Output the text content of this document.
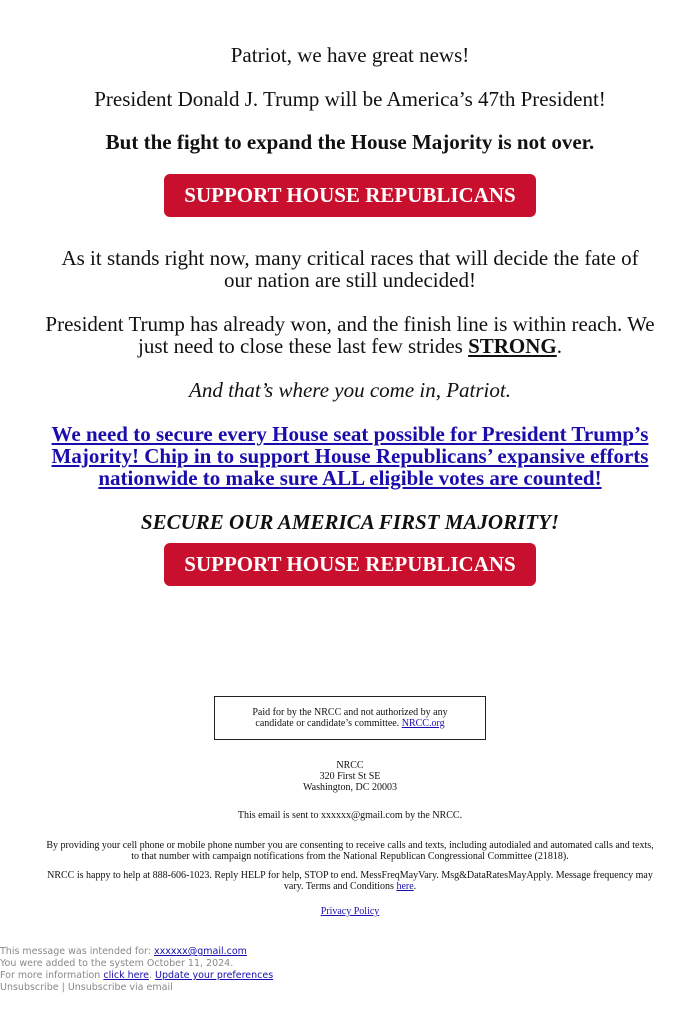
Patriot, we have great news!

President Donald J. Trump will be America’s 47th President!

But the fight to expand the House Majority is not over.

SUPPORT HOUSE REPUBLICANS

As it stands right now, many critical races that will decide the fate of our nation are still undecided!

President Trump has already won, and the finish line is within reach. We just need to close these last few strides STRONG.

And that’s where you come in, Patriot.

We need to secure every House seat possible for President Trump’s Majority! Chip in to support House Republicans’ expansive efforts nationwide to make sure ALL eligible votes are counted!

SECURE OUR AMERICA FIRST MAJORITY!

SUPPORT HOUSE REPUBLICANS
Paid for by the NRCC and not authorized by any candidate or candidate’s committee. NRCC.org
NRCC
320 First St SE
Washington, DC 20003
This email is sent to xxxxxx@gmail.com by the NRCC.
By providing your cell phone or mobile phone number you are consenting to receive calls and texts, including autodialed and automated calls and texts, to that number with campaign notifications from the National Republican Congressional Committee (21818).
NRCC is happy to help at 888-606-1023. Reply HELP for help, STOP to end. MessFreqMayVary. Msg&DataRatesMayApply. Message frequency may vary. Terms and Conditions here.
Privacy Policy
This message was intended for: xxxxxx@gmail.com
You were added to the system October 11, 2024.
For more information click here. Update your preferences
Unsubscribe | Unsubscribe via email
